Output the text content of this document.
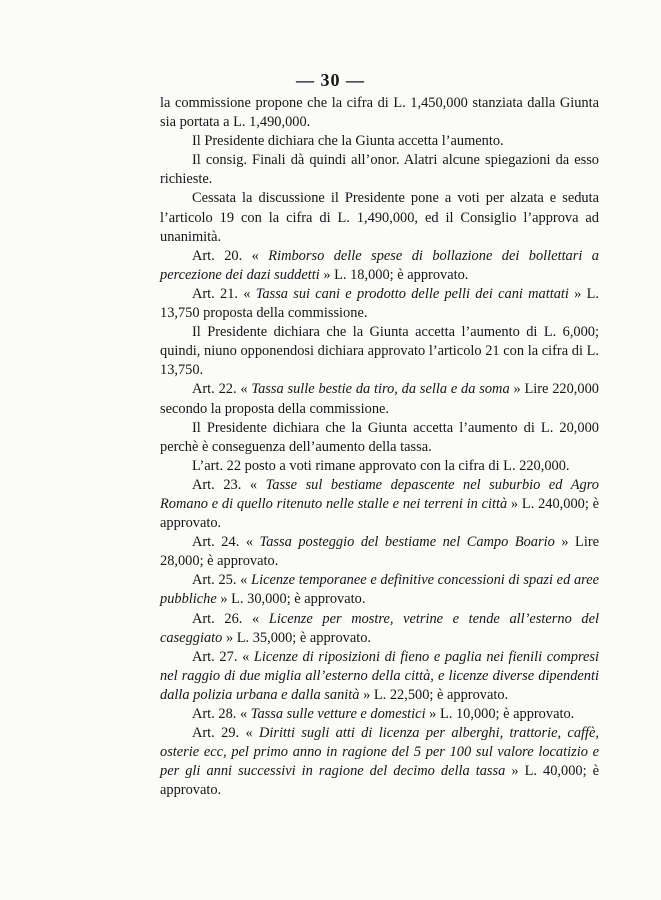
— 30 —

la commissione propone che la cifra di L. 1,450,000 stanziata dalla Giunta sia portata a L. 1,490,000.

Il Presidente dichiara che la Giunta accetta l’aumento.

Il consig. Finali dà quindi all’onor. Alatri alcune spiegazioni da esso richieste.

Cessata la discussione il Presidente pone a voti per alzata e seduta l’articolo 19 con la cifra di L. 1,490,000, ed il Consiglio l’approva ad unanimità.

Art. 20. « Rimborso delle spese di bollazione dei bollettari a percezione dei dazi suddetti » L. 18,000; è approvato.

Art. 21. « Tassa sui cani e prodotto delle pelli dei cani mattati » L. 13,750 proposta della commissione.

Il Presidente dichiara che la Giunta accetta l’aumento di L. 6,000; quindi, niuno opponendosi dichiara approvato l’articolo 21 con la cifra di L. 13,750.

Art. 22. « Tassa sulle bestie da tiro, da sella e da soma » Lire 220,000 secondo la proposta della commissione.

Il Presidente dichiara che la Giunta accetta l’aumento di L. 20,000 perchè è conseguenza dell’aumento della tassa.

L’art. 22 posto a voti rimane approvato con la cifra di L. 220,000.

Art. 23. « Tasse sul bestiame depascente nel suburbio ed Agro Romano e di quello ritenuto nelle stalle e nei terreni in città » L. 240,000; è approvato.

Art. 24. « Tassa posteggio del bestiame nel Campo Boario » Lire 28,000; è approvato.

Art. 25. « Licenze temporanee e definitive concessioni di spazi ed aree pubbliche » L. 30,000; è approvato.

Art. 26. « Licenze per mostre, vetrine e tende all’esterno del caseggiato » L. 35,000; è approvato.

Art. 27. « Licenze di riposizioni di fieno e paglia nei fienili compresi nel raggio di due miglia all’esterno della città, e licenze diverse dipendenti dalla polizia urbana e dalla sanità » L. 22,500; è approvato.

Art. 28. « Tassa sulle vetture e domestici » L. 10,000; è approvato.

Art. 29. « Diritti sugli atti di licenza per alberghi, trattorie, caffè, osterie ecc, pel primo anno in ragione del 5 per 100 sul valore locatizio e per gli anni successivi in ragione del decimo della tassa » L. 40,000; è approvato.
